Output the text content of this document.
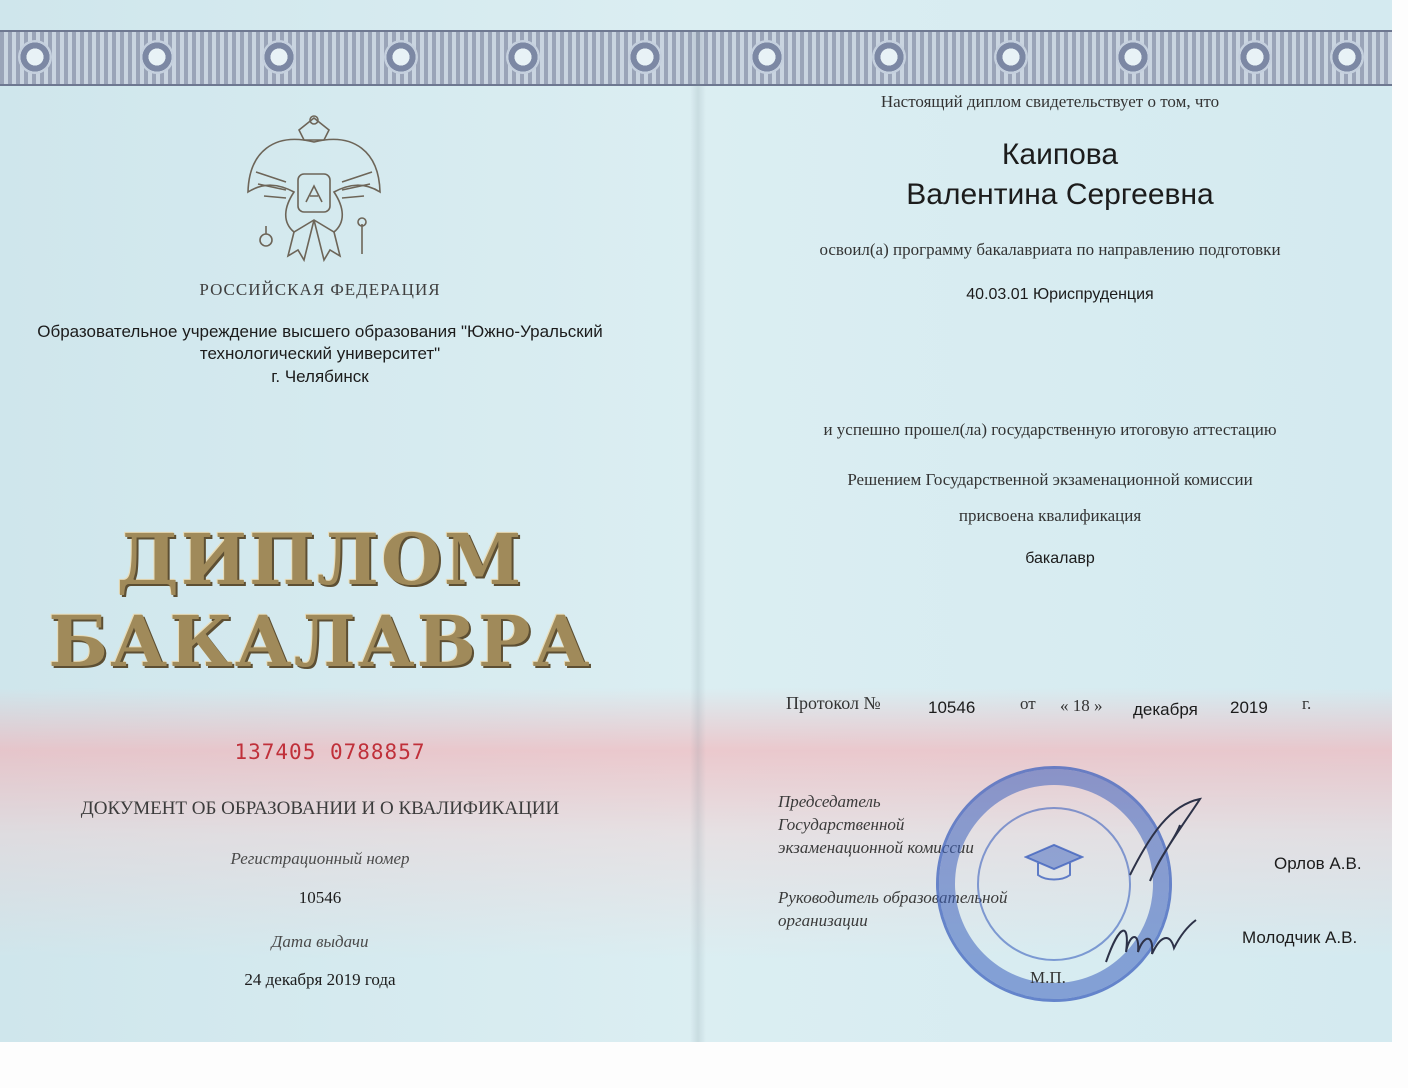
РОССИЙСКАЯ ФЕДЕРАЦИЯ
Образовательное учреждение высшего образования "Южно-Уральский
технологический университет"
г. Челябинск
ДИПЛОМ
БАКАЛАВРА
137405 0788857
ДОКУМЕНТ ОБ ОБРАЗОВАНИИ И О КВАЛИФИКАЦИИ
Регистрационный номер
10546
Дата выдачи
24 декабря 2019 года
Настоящий диплом свидетельствует о том, что
Каипова
Валентина Сергеевна
освоил(а) программу бакалавриата по направлению подготовки
40.03.01 Юриспруденция
и успешно прошел(ла) государственную итоговую аттестацию
Решением Государственной экзаменационной комиссии
присвоена квалификация
бакалавр
Протокол №	10546	от « 18 » декабря 2019 г.
Председатель
Государственной
экзаменационной комиссии
Орлов А.В.
Руководитель образовательной
организации
Молодчик А.В.
М.П.
